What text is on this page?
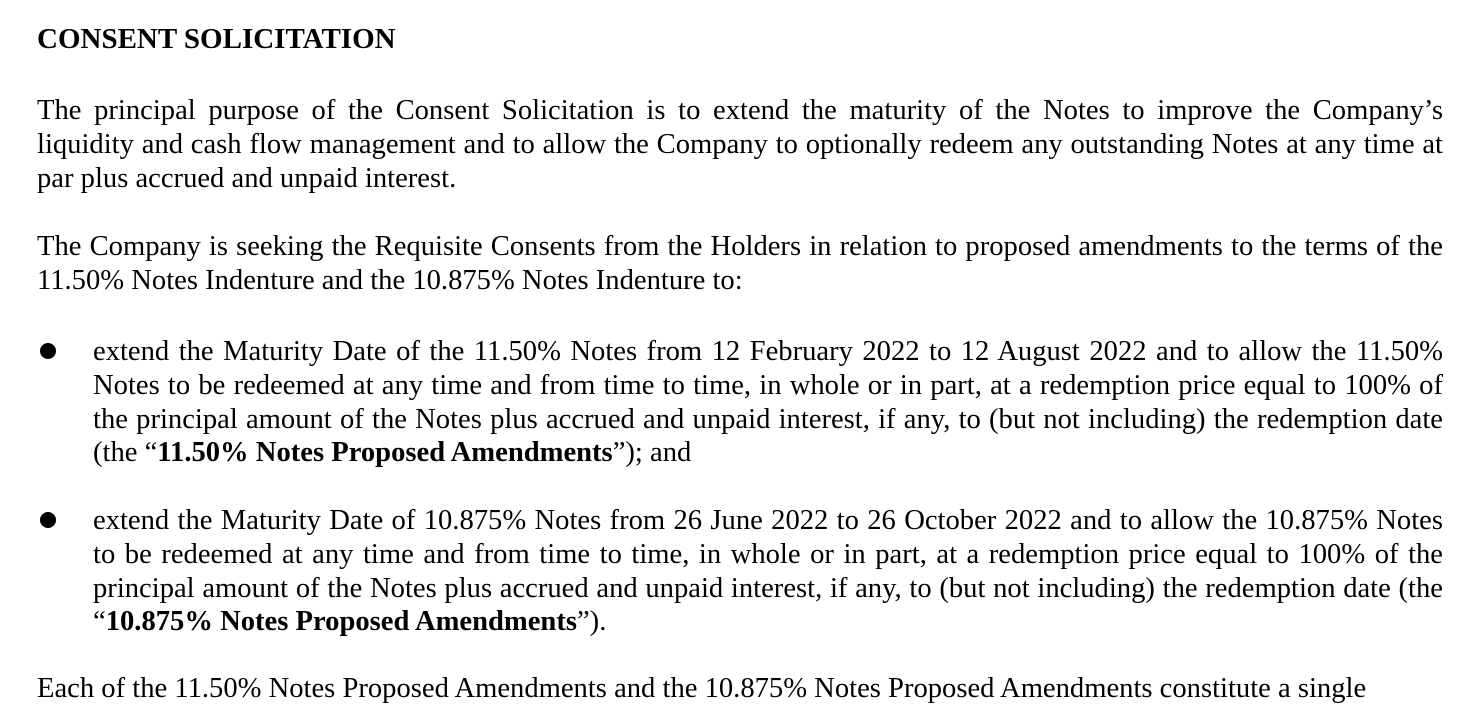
CONSENT SOLICITATION

The principal purpose of the Consent Solicitation is to extend the maturity of the Notes to improve the Company’s liquidity and cash flow management and to allow the Company to optionally redeem any outstanding Notes at any time at par plus accrued and unpaid interest.

The Company is seeking the Requisite Consents from the Holders in relation to proposed amendments to the terms of the 11.50% Notes Indenture and the 10.875% Notes Indenture to:

extend the Maturity Date of the 11.50% Notes from 12 February 2022 to 12 August 2022 and to allow the 11.50% Notes to be redeemed at any time and from time to time, in whole or in part, at a redemption price equal to 100% of the principal amount of the Notes plus accrued and unpaid interest, if any, to (but not including) the redemption date (the “11.50% Notes Proposed Amendments”); and

extend the Maturity Date of 10.875% Notes from 26 June 2022 to 26 October 2022 and to allow the 10.875% Notes to be redeemed at any time and from time to time, in whole or in part, at a redemption price equal to 100% of the principal amount of the Notes plus accrued and unpaid interest, if any, to (but not including) the redemption date (the “10.875% Notes Proposed Amendments”).

Each of the 11.50% Notes Proposed Amendments and the 10.875% Notes Proposed Amendments constitute a single
